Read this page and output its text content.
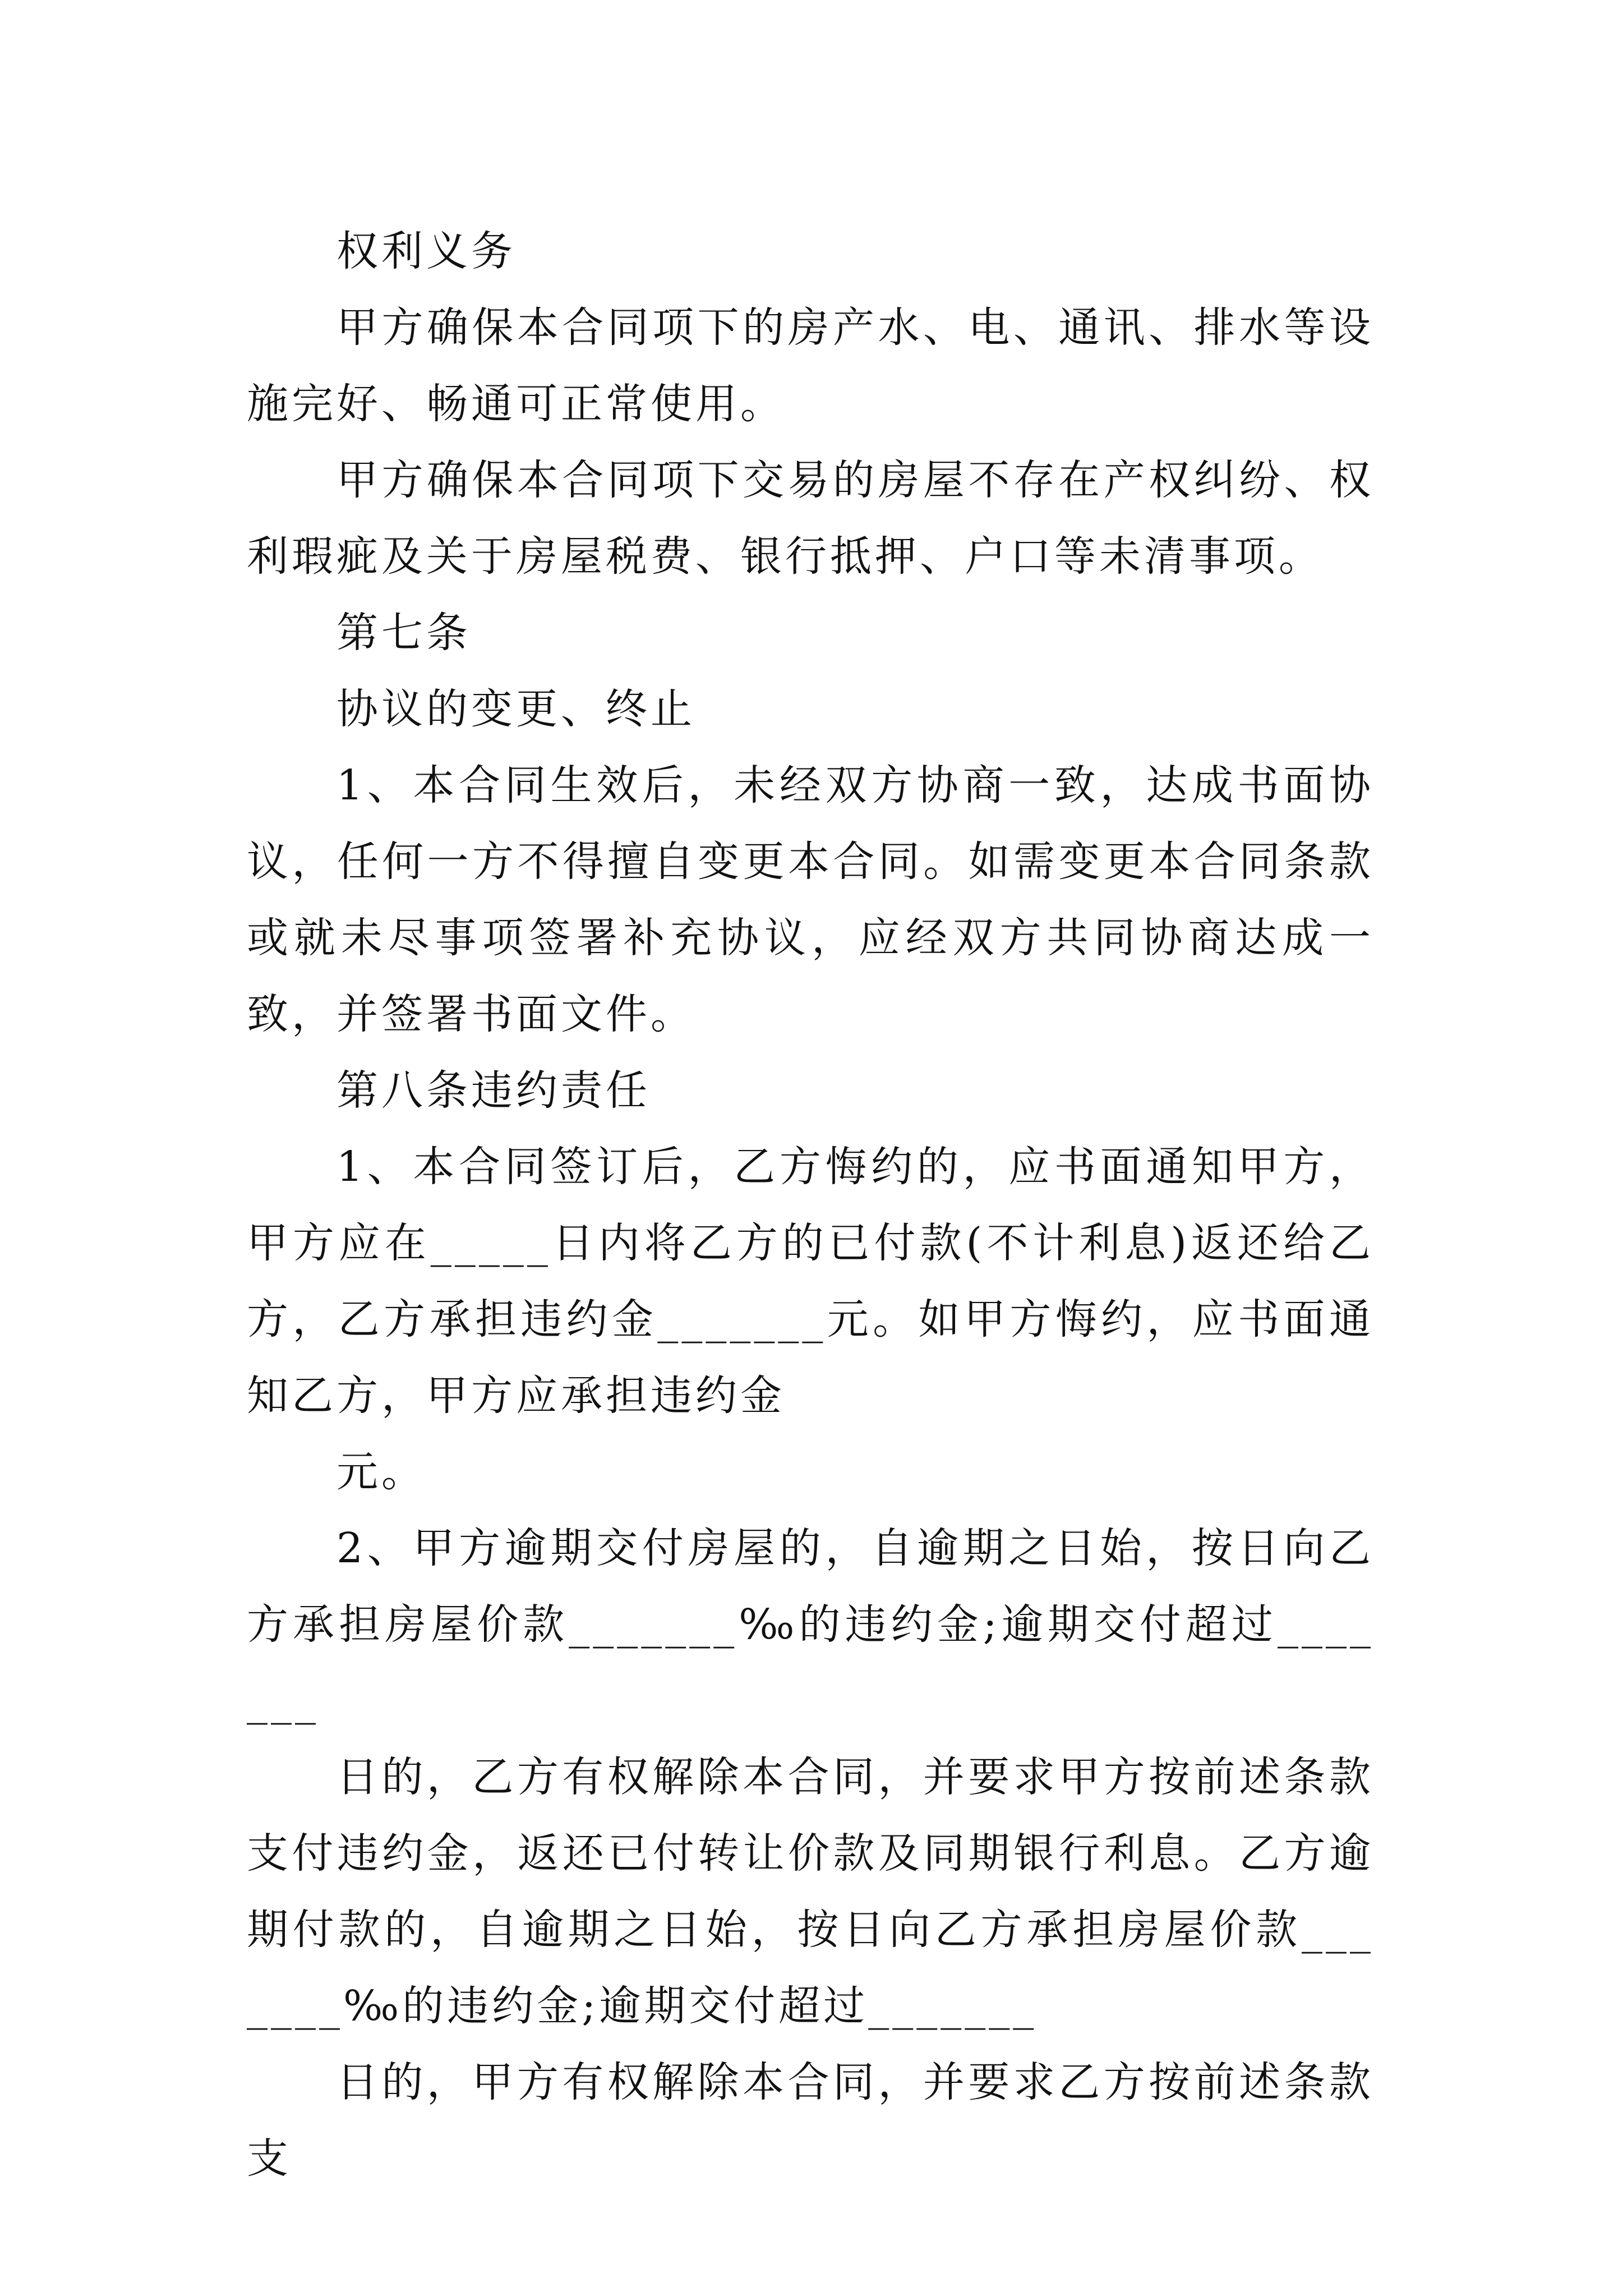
权利义务

甲方确保本合同项下的房产水、电、通讯、排水等设施完好、畅通可正常使用。

甲方确保本合同项下交易的房屋不存在产权纠纷、权利瑕疵及关于房屋税费、银行抵押、户口等未清事项。

第七条

协议的变更、终止

1、本合同生效后，未经双方协商一致，达成书面协议，任何一方不得擅自变更本合同。如需变更本合同条款或就未尽事项签署补充协议，应经双方共同协商达成一致，并签署书面文件。

第八条违约责任

1、本合同签订后，乙方悔约的，应书面通知甲方，甲方应在_____日内将乙方的已付款(不计利息)返还给乙方，乙方承担违约金_______元。如甲方悔约，应书面通知乙方，甲方应承担违约金

元。

2、甲方逾期交付房屋的，自逾期之日始，按日向乙方承担房屋价款_______‰的违约金;逾期交付超过_______

日的，乙方有权解除本合同，并要求甲方按前述条款支付违约金，返还已付转让价款及同期银行利息。乙方逾期付款的，自逾期之日始，按日向乙方承担房屋价款_______‰的违约金;逾期交付超过_______

日的，甲方有权解除本合同，并要求乙方按前述条款支
